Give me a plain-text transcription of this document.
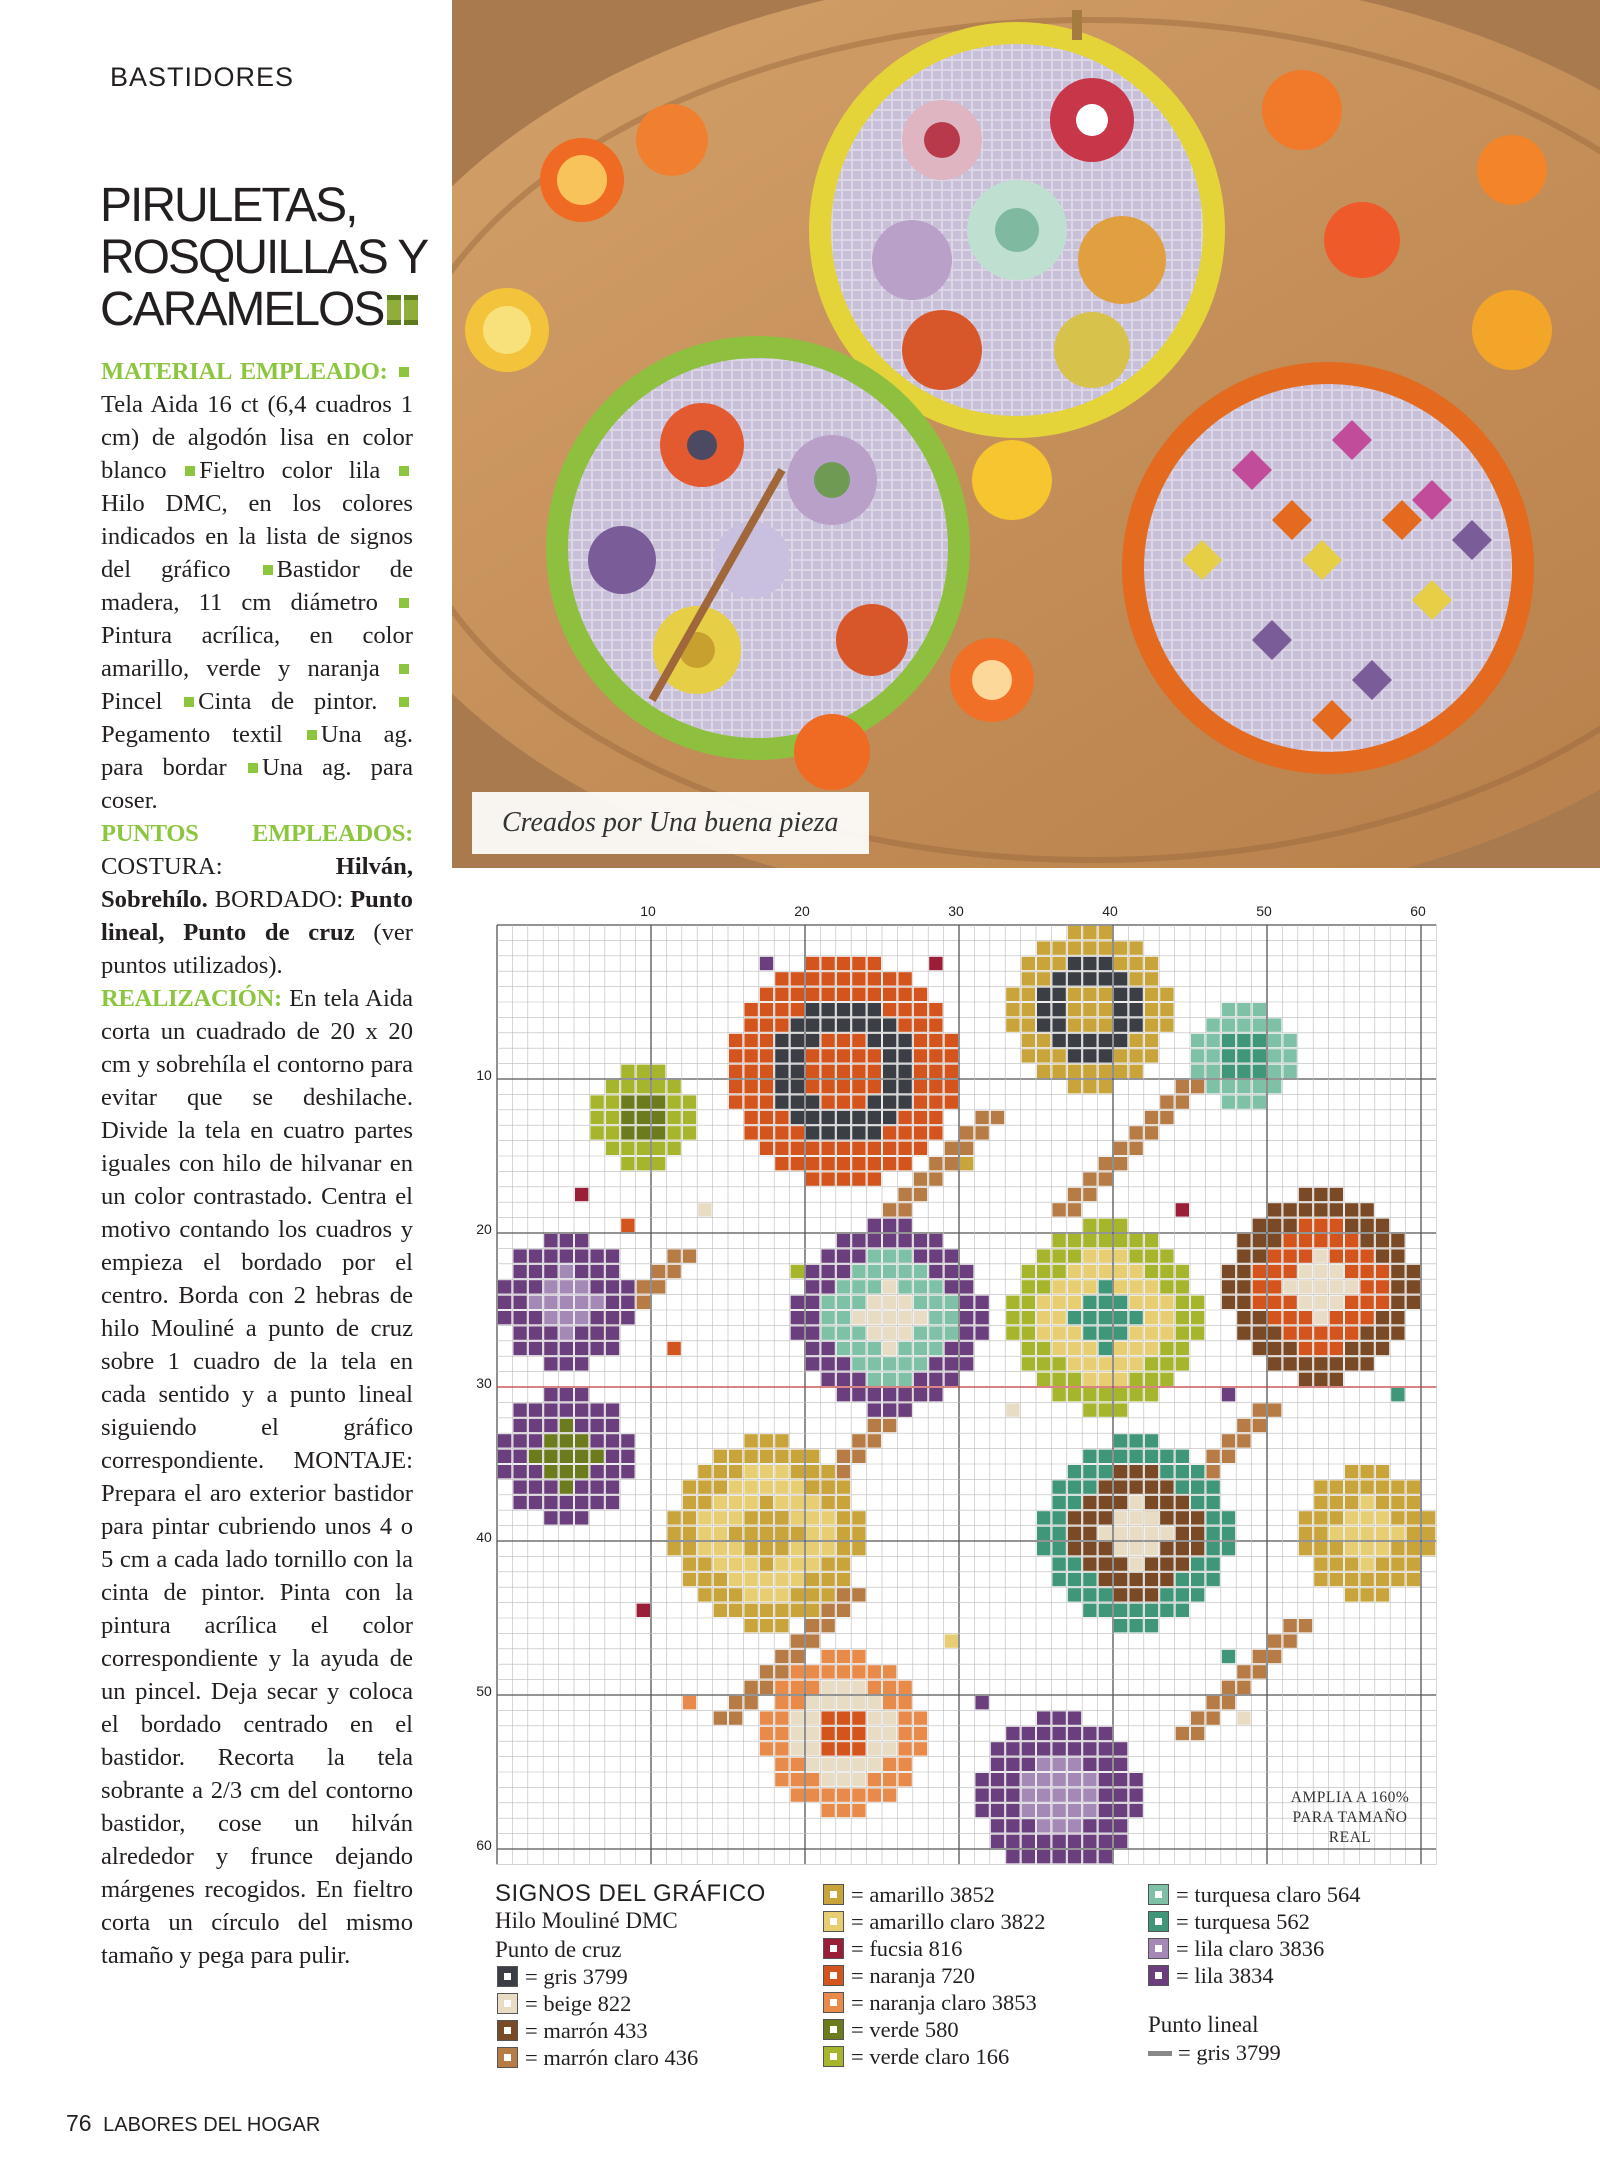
BASTIDORES
PIRULETAS,
ROSQUILLAS Y
CARAMELOS

MATERIAL EMPLEADO: Tela Aida 16 ct (6,4 cuadros 1 cm) de algodón lisa en color blanco Fieltro color lila Hilo DMC, en los colores indicados en la lista de signos del gráfico Bastidor de madera, 11 cm diámetro Pintura acrílica, en color amarillo, verde y naranja Pincel Cinta de pintor. Pegamento textil Una ag. para bordar Una ag. para coser.

PUNTOS EMPLEADOS: COSTURA:	Hilván, Sobrehílo. BORDADO: Punto lineal, Punto de cruz (ver puntos utilizados).

REALIZACIÓN: En tela Aida corta un cuadrado de 20 x 20 cm y sobrehíla el contorno para evitar que se deshilache. Divide la tela en cuatro partes iguales con hilo de hilvanar en un color contrastado. Centra el motivo contando los cuadros y empieza el bordado por el centro. Borda con 2 hebras de hilo Mouliné a punto de cruz sobre 1 cuadro de la tela en cada sentido y a punto lineal siguiendo el gráfico correspondiente. MONTAJE: Prepara el aro exterior bastidor para pintar cubriendo unos 4 o 5 cm a cada lado tornillo con la cinta de pintor. Pinta con la pintura acrílica el color correspondiente y la ayuda de un pincel. Deja secar y coloca el bordado centrado en el bastidor. Recorta la tela sobrante a 2/3 cm del contorno bastidor, cose un hilván alrededor y frunce dejando márgenes recogidos. En fieltro corta un círculo del mismo tamaño y pega para pulir.

Creados por Una buena pieza
10	20	30	40	50	60
10
20
30
40
50
60
AMPLIA A 160% PARA TAMAÑO REAL
SIGNOS DEL GRÁFICO
Hilo Mouliné DMC
Punto de cruz
= gris 3799
= beige 822
= marrón 433
= marrón claro 436
= amarillo 3852
= amarillo claro 3822
= fucsia 816
= naranja 720
= naranja claro 3853
= verde 580
= verde claro 166
= turquesa claro 564
= turquesa 562
= lila claro 3836
= lila 3834
Punto lineal
= gris 3799
76 LABORES DEL HOGAR
